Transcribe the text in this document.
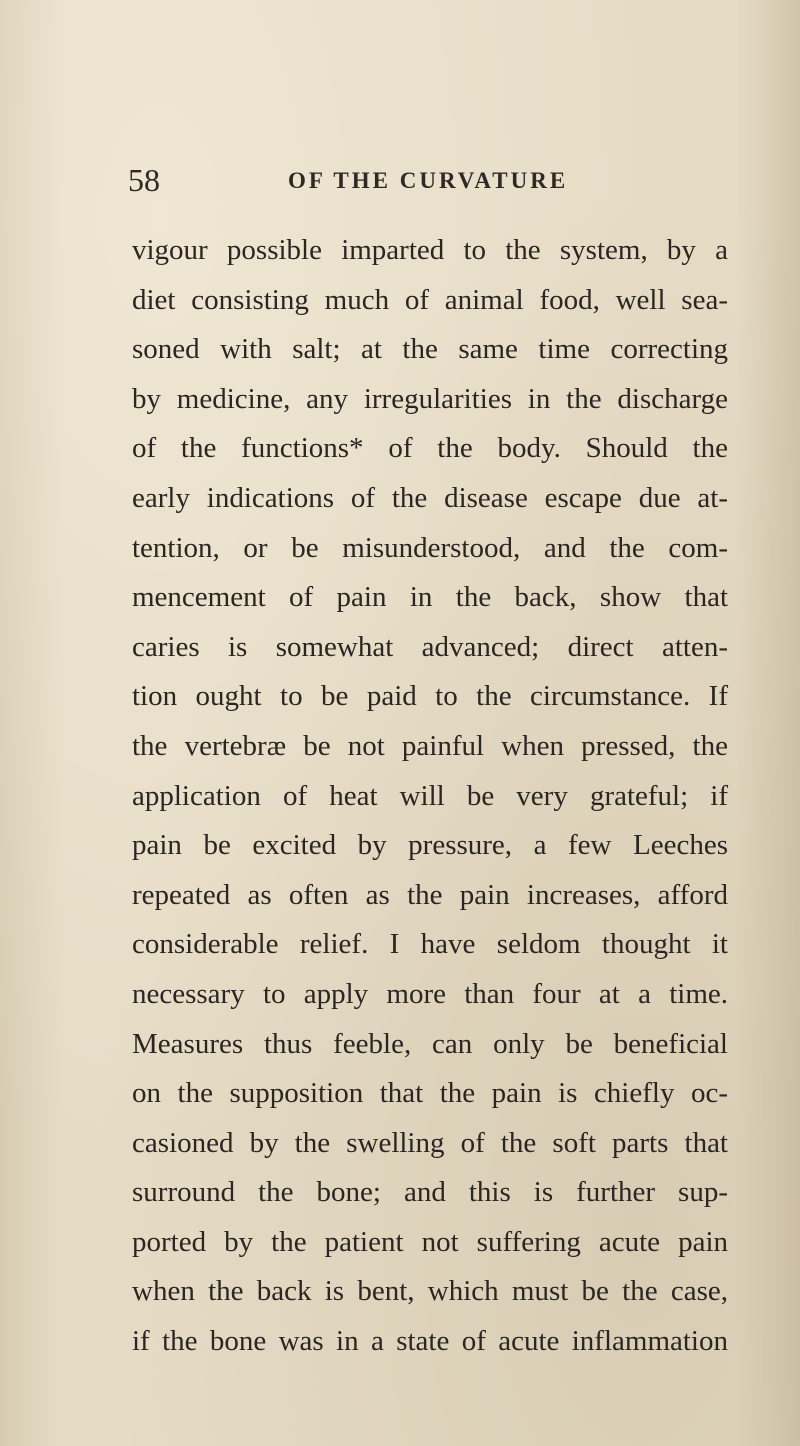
58	OF THE CURVATURE
vigour possible imparted to the system, by a
diet consisting much of animal food, well sea-
soned with salt; at the same time correcting
by medicine, any irregularities in the discharge
of the functions* of the body. Should the
early indications of the disease escape due at-
tention, or be misunderstood, and the com-
mencement of pain in the back, show that
caries is somewhat advanced; direct atten-
tion ought to be paid to the circumstance. If
the vertebræ be not painful when pressed, the
application of heat will be very grateful; if
pain be excited by pressure, a few Leeches
repeated as often as the pain increases, afford
considerable relief. I have seldom thought it
necessary to apply more than four at a time.
Measures thus feeble, can only be beneficial
on the supposition that the pain is chiefly oc-
casioned by the swelling of the soft parts that
surround the bone; and this is further sup-
ported by the patient not suffering acute pain
when the back is bent, which must be the case,
if the bone was in a state of acute inflammation
